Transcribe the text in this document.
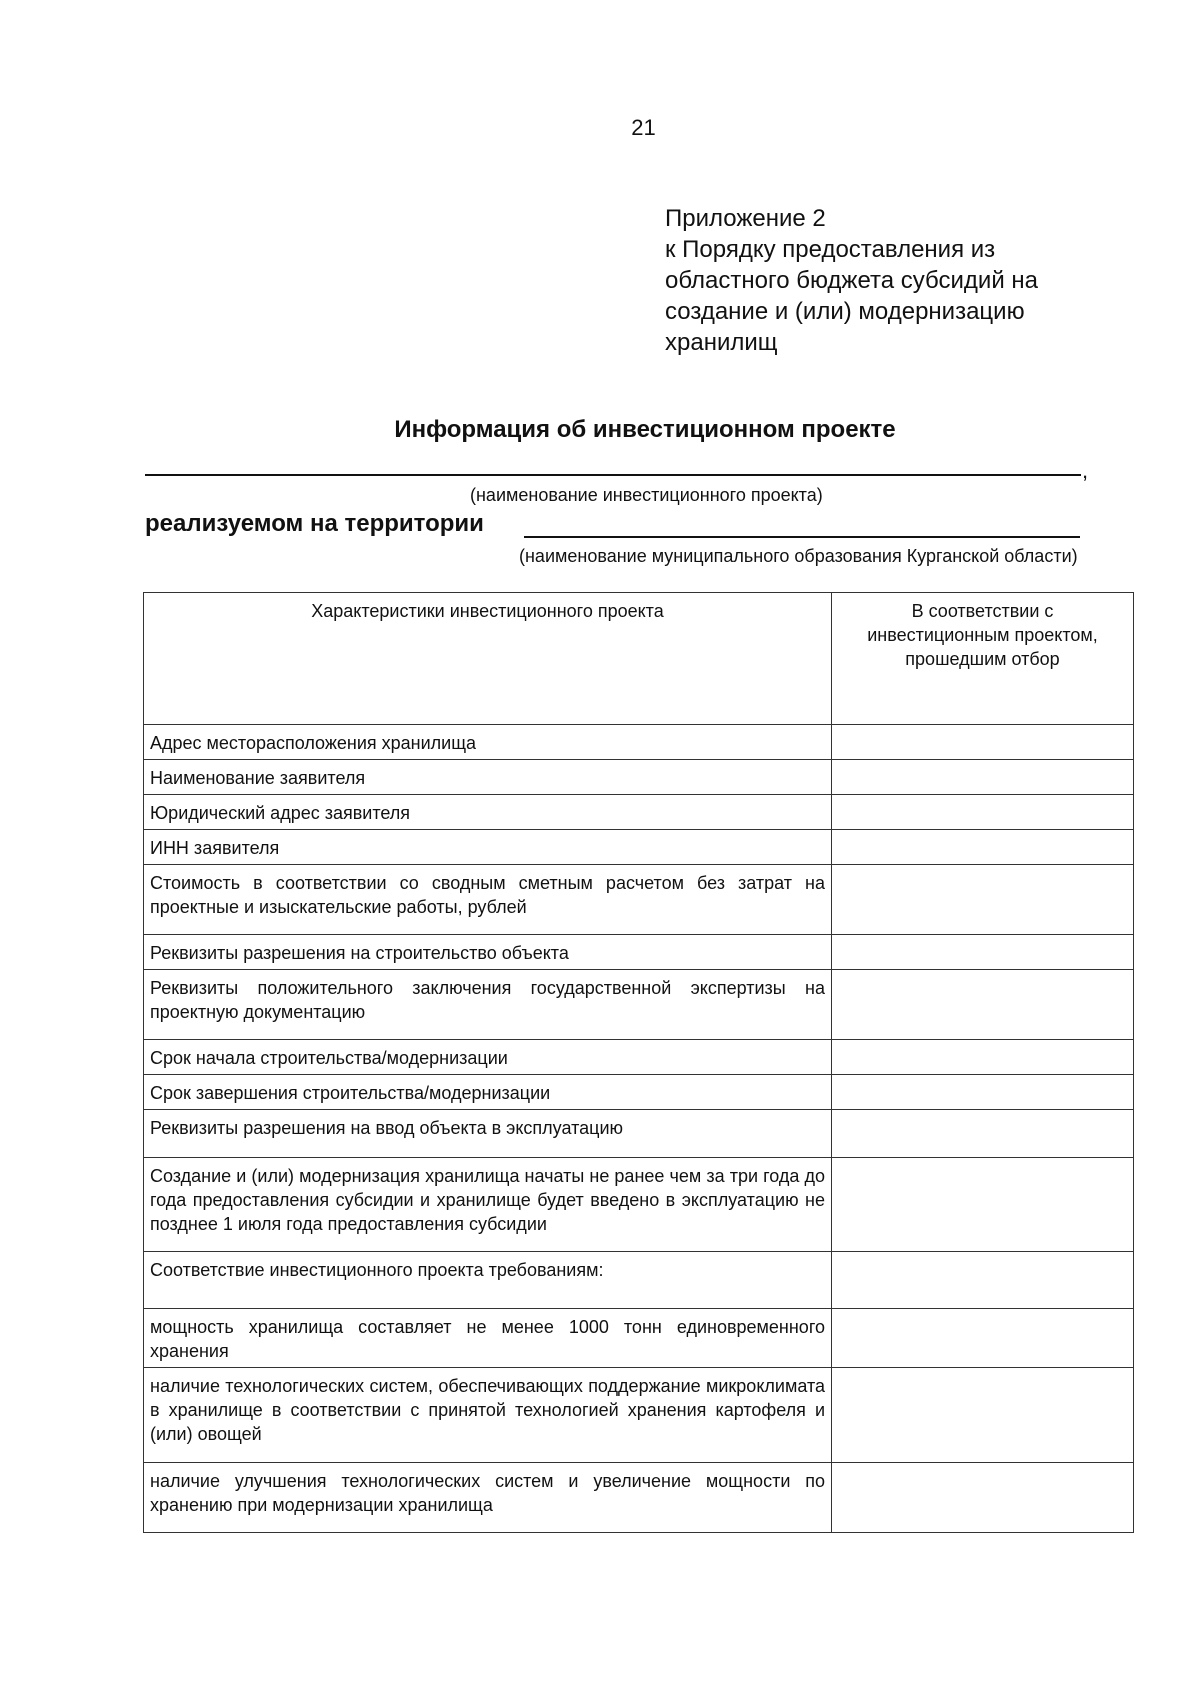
21
Приложение 2
к Порядку предоставления из
областного бюджета субсидий на
создание и (или) модернизацию
хранилищ
Информация об инвестиционном проекте
,
(наименование инвестиционного проекта)
реализуемом на территории
(наименование муниципального образования Курганской области)
Характеристики инвестиционного проекта	В соответствии с
инвестиционным проектом,
прошедшим отбор

Адрес месторасположения хранилища	
Наименование заявителя	
Юридический адрес заявителя	
ИНН заявителя	
Стоимость в соответствии со сводным сметным расчетом без затрат на проектные и изыскательские работы, рублей	
Реквизиты разрешения на строительство объекта	
Реквизиты положительного заключения государственной экспертизы на проектную документацию	
Срок начала строительства/модернизации	
Срок завершения строительства/модернизации	
Реквизиты разрешения на ввод объекта в эксплуатацию	
Создание и (или) модернизация хранилища начаты не ранее чем за три года до года предоставления субсидии и хранилище будет введено в эксплуатацию не позднее 1 июля года предоставления субсидии	
Соответствие инвестиционного проекта требованиям:	
мощность хранилища составляет не менее 1000 тонн единовременного хранения	
наличие технологических систем, обеспечивающих поддержание микроклимата в хранилище в соответствии с принятой технологией хранения картофеля и (или) овощей	
наличие улучшения технологических систем и увеличение мощности по хранению при модернизации хранилища	
